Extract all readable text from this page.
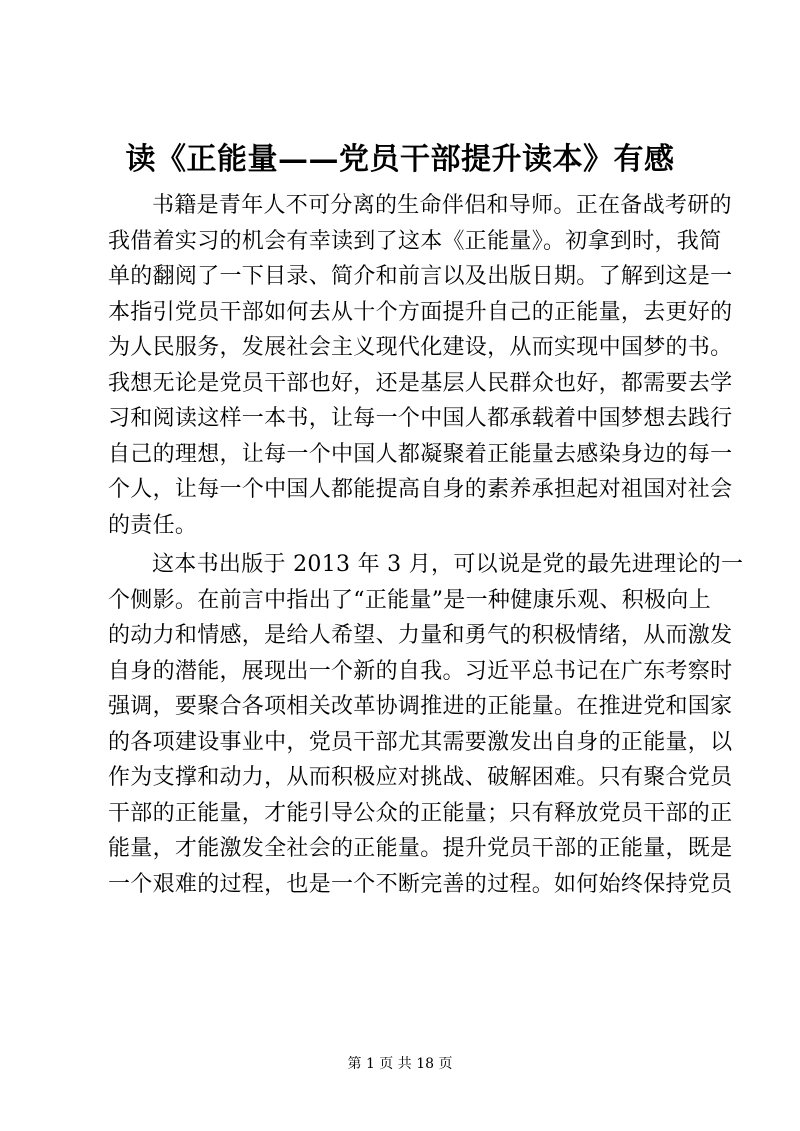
读《正能量——党员干部提升读本》有感
书籍是青年人不可分离的生命伴侣和导师。正在备战考研的
我借着实习的机会有幸读到了这本《正能量》。初拿到时，我简
单的翻阅了一下目录、简介和前言以及出版日期。了解到这是一
本指引党员干部如何去从十个方面提升自己的正能量，去更好的
为人民服务，发展社会主义现代化建设，从而实现中国梦的书。
我想无论是党员干部也好，还是基层人民群众也好，都需要去学
习和阅读这样一本书，让每一个中国人都承载着中国梦想去践行
自己的理想，让每一个中国人都凝聚着正能量去感染身边的每一
个人，让每一个中国人都能提高自身的素养承担起对祖国对社会
的责任。
这本书出版于 2013 年 3 月，可以说是党的最先进理论的一
个侧影。在前言中指出了“正能量”是一种健康乐观、积极向上
的动力和情感，是给人希望、力量和勇气的积极情绪，从而激发
自身的潜能，展现出一个新的自我。习近平总书记在广东考察时
强调，要聚合各项相关改革协调推进的正能量。在推进党和国家
的各项建设事业中，党员干部尤其需要激发出自身的正能量，以
作为支撑和动力，从而积极应对挑战、破解困难。只有聚合党员
干部的正能量，才能引导公众的正能量；只有释放党员干部的正
能量，才能激发全社会的正能量。提升党员干部的正能量，既是
一个艰难的过程，也是一个不断完善的过程。如何始终保持党员
第 1 页 共 18 页
